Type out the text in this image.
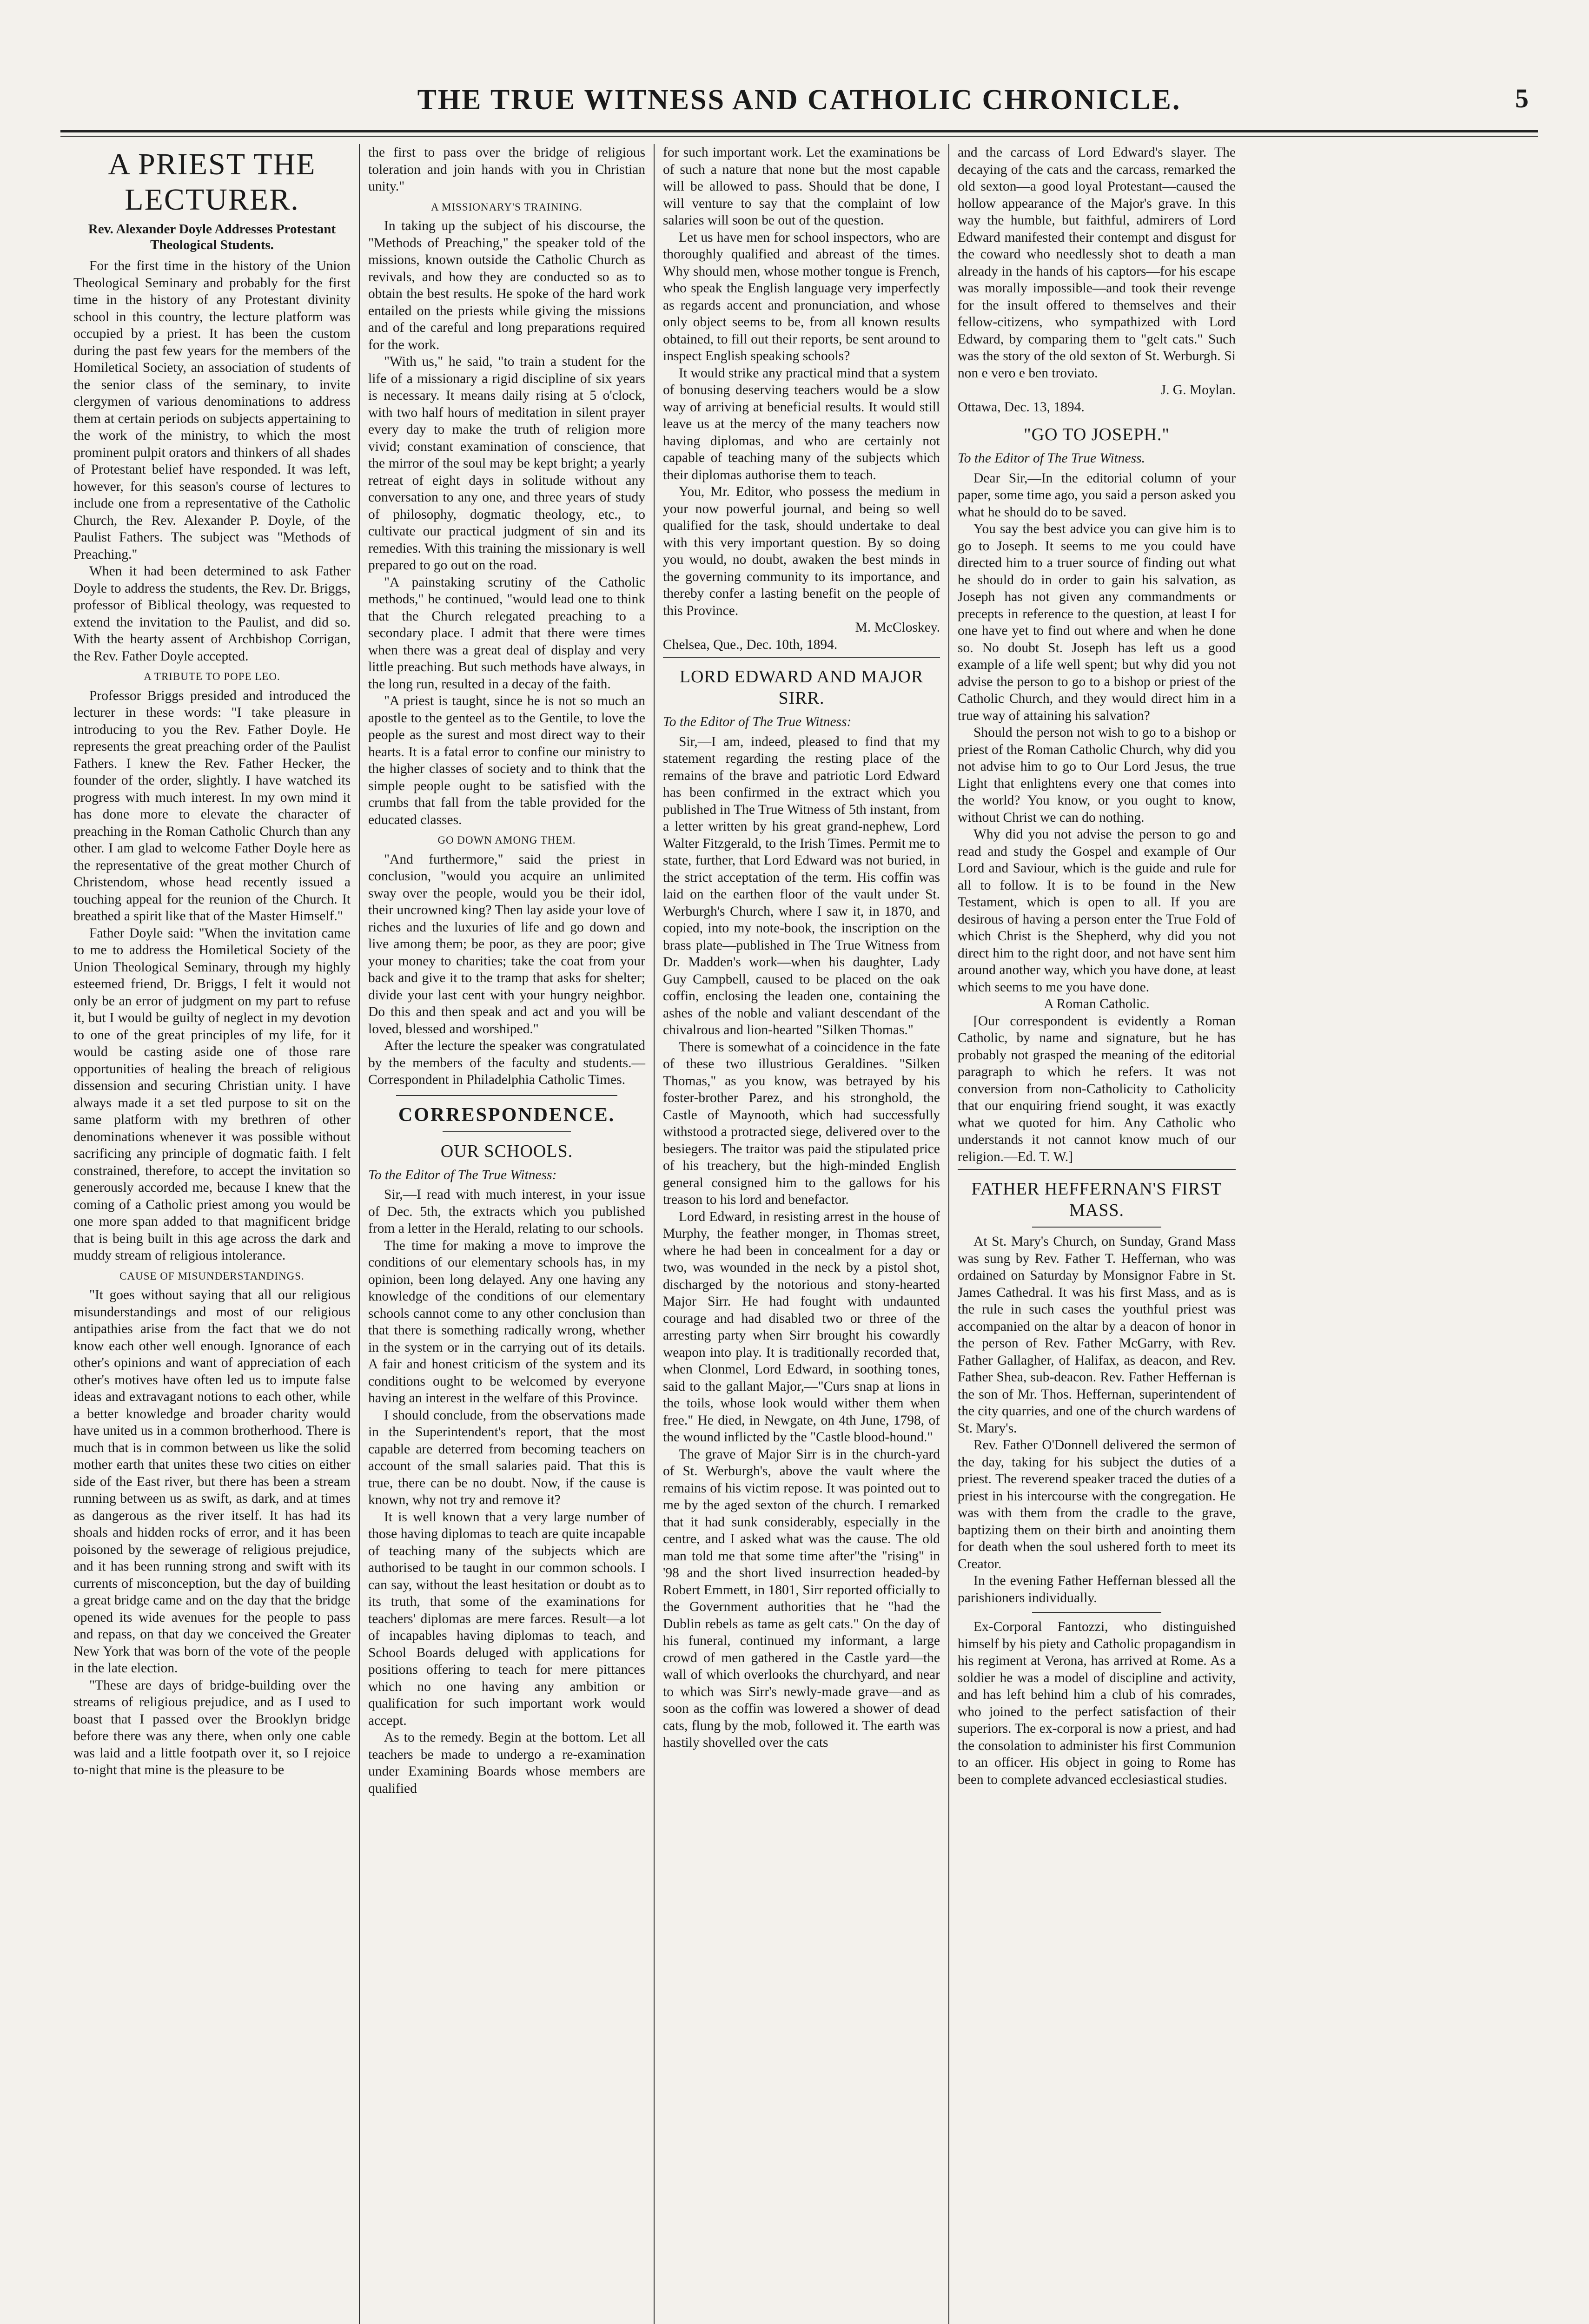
THE TRUE WITNESS AND CATHOLIC CHRONICLE.	5
A PRIEST THE LECTURER.
Rev. Alexander Doyle Addresses Protestant Theological Students.

For the first time in the history of the Union Theological Seminary and probably for the first time in the history of any Protestant divinity school in this country, the lecture platform was occupied by a priest. It has been the custom during the past few years for the members of the Homiletical Society, an association of students of the senior class of the seminary, to invite clergymen of various denominations to address them at certain periods on subjects appertaining to the work of the ministry, to which the most prominent pulpit orators and thinkers of all shades of Protestant belief have responded. It was left, however, for this season's course of lectures to include one from a representative of the Catholic Church, the Rev. Alexander P. Doyle, of the Paulist Fathers. The subject was "Methods of Preaching."

When it had been determined to ask Father Doyle to address the students, the Rev. Dr. Briggs, professor of Biblical theology, was requested to extend the invitation to the Paulist, and did so. With the hearty assent of Archbishop Corrigan, the Rev. Father Doyle accepted.

A TRIBUTE TO POPE LEO.

Professor Briggs presided and introduced the lecturer in these words: "I take pleasure in introducing to you the Rev. Father Doyle. He represents the great preaching order of the Paulist Fathers. I knew the Rev. Father Hecker, the founder of the order, slightly. I have watched its progress with much interest. In my own mind it has done more to elevate the character of preaching in the Roman Catholic Church than any other. I am glad to welcome Father Doyle here as the representative of the great mother Church of Christendom, whose head recently issued a touching appeal for the reunion of the Church. It breathed a spirit like that of the Master Himself."

Father Doyle said: "When the invitation came to me to address the Homiletical Society of the Union Theological Seminary, through my highly esteemed friend, Dr. Briggs, I felt it would not only be an error of judgment on my part to refuse it, but I would be guilty of neglect in my devotion to one of the great principles of my life, for it would be casting aside one of those rare opportunities of healing the breach of religious dissension and securing Christian unity. I have always made it a set tled purpose to sit on the same platform with my brethren of other denominations whenever it was possible without sacrificing any principle of dogmatic faith. I felt constrained, therefore, to accept the invitation so generously accorded me, because I knew that the coming of a Catholic priest among you would be one more span added to that magnificent bridge that is being built in this age across the dark and muddy stream of religious intolerance.

CAUSE OF MISUNDERSTANDINGS.

"It goes without saying that all our religious misunderstandings and most of our religious antipathies arise from the fact that we do not know each other well enough. Ignorance of each other's opinions and want of appreciation of each other's motives have often led us to impute false ideas and extravagant notions to each other, while a better knowledge and broader charity would have united us in a common brotherhood. There is much that is in common between us like the solid mother earth that unites these two cities on either side of the East river, but there has been a stream running between us as swift, as dark, and at times as dangerous as the river itself. It has had its shoals and hidden rocks of error, and it has been poisoned by the sewerage of religious prejudice, and it has been running strong and swift with its currents of misconception, but the day of building a great bridge came and on the day that the bridge opened its wide avenues for the people to pass and repass, on that day we conceived the Greater New York that was born of the vote of the people in the late election.

"These are days of bridge-building over the streams of religious prejudice, and as I used to boast that I passed over the Brooklyn bridge before there was any there, when only one cable was laid and a little footpath over it, so I rejoice to-night that mine is the pleasure to be

the first to pass over the bridge of religious toleration and join hands with you in Christian unity."

A MISSIONARY'S TRAINING.

In taking up the subject of his discourse, the "Methods of Preaching," the speaker told of the missions, known outside the Catholic Church as revivals, and how they are conducted so as to obtain the best results. He spoke of the hard work entailed on the priests while giving the missions and of the careful and long preparations required for the work.

"With us," he said, "to train a student for the life of a missionary a rigid discipline of six years is necessary. It means daily rising at 5 o'clock, with two half hours of meditation in silent prayer every day to make the truth of religion more vivid; constant examination of conscience, that the mirror of the soul may be kept bright; a yearly retreat of eight days in solitude without any conversation to any one, and three years of study of philosophy, dogmatic theology, etc., to cultivate our practical judgment of sin and its remedies. With this training the missionary is well prepared to go out on the road.

"A painstaking scrutiny of the Catholic methods," he continued, "would lead one to think that the Church relegated preaching to a secondary place. I admit that there were times when there was a great deal of display and very little preaching. But such methods have always, in the long run, resulted in a decay of the faith.

"A priest is taught, since he is not so much an apostle to the genteel as to the Gentile, to love the people as the surest and most direct way to their hearts. It is a fatal error to confine our ministry to the higher classes of society and to think that the simple people ought to be satisfied with the crumbs that fall from the table provided for the educated classes.

GO DOWN AMONG THEM.

"And furthermore," said the priest in conclusion, "would you acquire an unlimited sway over the people, would you be their idol, their uncrowned king? Then lay aside your love of riches and the luxuries of life and go down and live among them; be poor, as they are poor; give your money to charities; take the coat from your back and give it to the tramp that asks for shelter; divide your last cent with your hungry neighbor. Do this and then speak and act and you will be loved, blessed and worshiped."

After the lecture the speaker was congratulated by the members of the faculty and students.—Correspondent in Philadelphia Catholic Times.

CORRESPONDENCE.
OUR SCHOOLS.

To the Editor of The True Witness:

Sir,—I read with much interest, in your issue of Dec. 5th, the extracts which you published from a letter in the Herald, relating to our schools.

The time for making a move to improve the conditions of our elementary schools has, in my opinion, been long delayed. Any one having any knowledge of the conditions of our elementary schools cannot come to any other conclusion than that there is something radically wrong, whether in the system or in the carrying out of its details. A fair and honest criticism of the system and its conditions ought to be welcomed by everyone having an interest in the welfare of this Province.

I should conclude, from the observations made in the Superintendent's report, that the most capable are deterred from becoming teachers on account of the small salaries paid. That this is true, there can be no doubt. Now, if the cause is known, why not try and remove it?

It is well known that a very large number of those having diplomas to teach are quite incapable of teaching many of the subjects which are authorised to be taught in our common schools. I can say, without the least hesitation or doubt as to its truth, that some of the examinations for teachers' diplomas are mere farces. Result—a lot of incapables having diplomas to teach, and School Boards deluged with applications for positions offering to teach for mere pittances which no one having any ambition or qualification for such important work would accept.

As to the remedy. Begin at the bottom. Let all teachers be made to undergo a re-examination under Examining Boards whose members are qualified

for such important work. Let the examinations be of such a nature that none but the most capable will be allowed to pass. Should that be done, I will venture to say that the complaint of low salaries will soon be out of the question.

Let us have men for school inspectors, who are thoroughly qualified and abreast of the times. Why should men, whose mother tongue is French, who speak the English language very imperfectly as regards accent and pronunciation, and whose only object seems to be, from all known results obtained, to fill out their reports, be sent around to inspect English speaking schools?

It would strike any practical mind that a system of bonusing deserving teachers would be a slow way of arriving at beneficial results. It would still leave us at the mercy of the many teachers now having diplomas, and who are certainly not capable of teaching many of the subjects which their diplomas authorise them to teach.

You, Mr. Editor, who possess the medium in your now powerful journal, and being so well qualified for the task, should undertake to deal with this very important question. By so doing you would, no doubt, awaken the best minds in the governing community to its importance, and thereby confer a lasting benefit on the people of this Province.

M. McCloskey.

Chelsea, Que., Dec. 10th, 1894.

LORD EDWARD AND MAJOR SIRR.

To the Editor of The True Witness:

Sir,—I am, indeed, pleased to find that my statement regarding the resting place of the remains of the brave and patriotic Lord Edward has been confirmed in the extract which you published in The True Witness of 5th instant, from a letter written by his great grand-nephew, Lord Walter Fitzgerald, to the Irish Times. Permit me to state, further, that Lord Edward was not buried, in the strict acceptation of the term. His coffin was laid on the earthen floor of the vault under St. Werburgh's Church, where I saw it, in 1870, and copied, into my note-book, the inscription on the brass plate—published in The True Witness from Dr. Madden's work—when his daughter, Lady Guy Campbell, caused to be placed on the oak coffin, enclosing the leaden one, containing the ashes of the noble and valiant descendant of the chivalrous and lion-hearted "Silken Thomas."

There is somewhat of a coincidence in the fate of these two illustrious Geraldines. "Silken Thomas," as you know, was betrayed by his foster-brother Parez, and his stronghold, the Castle of Maynooth, which had successfully withstood a protracted siege, delivered over to the besiegers. The traitor was paid the stipulated price of his treachery, but the high-minded English general consigned him to the gallows for his treason to his lord and benefactor.

Lord Edward, in resisting arrest in the house of Murphy, the feather monger, in Thomas street, where he had been in concealment for a day or two, was wounded in the neck by a pistol shot, discharged by the notorious and stony-hearted Major Sirr. He had fought with undaunted courage and had disabled two or three of the arresting party when Sirr brought his cowardly weapon into play. It is traditionally recorded that, when Clonmel, Lord Edward, in soothing tones, said to the gallant Major,—"Curs snap at lions in the toils, whose look would wither them when free." He died, in Newgate, on 4th June, 1798, of the wound inflicted by the "Castle blood-hound."

The grave of Major Sirr is in the church-yard of St. Werburgh's, above the vault where the remains of his victim repose. It was pointed out to me by the aged sexton of the church. I remarked that it had sunk considerably, especially in the centre, and I asked what was the cause. The old man told me that some time after"the "rising" in '98 and the short lived insurrection headed-by Robert Emmett, in 1801, Sirr reported officially to the Government authorities that he "had the Dublin rebels as tame as gelt cats." On the day of his funeral, continued my informant, a large crowd of men gathered in the Castle yard—the wall of which overlooks the churchyard, and near to which was Sirr's newly-made grave—and as soon as the coffin was lowered a shower of dead cats, flung by the mob, followed it. The earth was hastily shovelled over the cats

and the carcass of Lord Edward's slayer. The decaying of the cats and the carcass, remarked the old sexton—a good loyal Protestant—caused the hollow appearance of the Major's grave. In this way the humble, but faithful, admirers of Lord Edward manifested their contempt and disgust for the coward who needlessly shot to death a man already in the hands of his captors—for his escape was morally impossible—and took their revenge for the insult offered to themselves and their fellow-citizens, who sympathized with Lord Edward, by comparing them to "gelt cats." Such was the story of the old sexton of St. Werburgh. Si non e vero e ben troviato.

J. G. Moylan.

Ottawa, Dec. 13, 1894.

"GO TO JOSEPH."

To the Editor of The True Witness.

Dear Sir,—In the editorial column of your paper, some time ago, you said a person asked you what he should do to be saved.

You say the best advice you can give him is to go to Joseph. It seems to me you could have directed him to a truer source of finding out what he should do in order to gain his salvation, as Joseph has not given any commandments or precepts in reference to the question, at least I for one have yet to find out where and when he done so. No doubt St. Joseph has left us a good example of a life well spent; but why did you not advise the person to go to a bishop or priest of the Catholic Church, and they would direct him in a true way of attaining his salvation?

Should the person not wish to go to a bishop or priest of the Roman Catholic Church, why did you not advise him to go to Our Lord Jesus, the true Light that enlightens every one that comes into the world? You know, or you ought to know, without Christ we can do nothing.

Why did you not advise the person to go and read and study the Gospel and example of Our Lord and Saviour, which is the guide and rule for all to follow. It is to be found in the New Testament, which is open to all. If you are desirous of having a person enter the True Fold of which Christ is the Shepherd, why did you not direct him to the right door, and not have sent him around another way, which you have done, at least which seems to me you have done.

A Roman Catholic.

[Our correspondent is evidently a Roman Catholic, by name and signature, but he has probably not grasped the meaning of the editorial paragraph to which he refers. It was not conversion from non-Catholicity to Catholicity that our enquiring friend sought, it was exactly what we quoted for him. Any Catholic who understands it not cannot know much of our religion.—Ed. T. W.]

FATHER HEFFERNAN'S FIRST MASS.

At St. Mary's Church, on Sunday, Grand Mass was sung by Rev. Father T. Heffernan, who was ordained on Saturday by Monsignor Fabre in St. James Cathedral. It was his first Mass, and as is the rule in such cases the youthful priest was accompanied on the altar by a deacon of honor in the person of Rev. Father McGarry, with Rev. Father Gallagher, of Halifax, as deacon, and Rev. Father Shea, sub-deacon. Rev. Father Heffernan is the son of Mr. Thos. Heffernan, superintendent of the city quarries, and one of the church wardens of St. Mary's.

Rev. Father O'Donnell delivered the sermon of the day, taking for his subject the duties of a priest. The reverend speaker traced the duties of a priest in his intercourse with the congregation. He was with them from the cradle to the grave, baptizing them on their birth and anointing them for death when the soul ushered forth to meet its Creator.

In the evening Father Heffernan blessed all the parishioners individually.

Ex-Corporal Fantozzi, who distinguished himself by his piety and Catholic propagandism in his regiment at Verona, has arrived at Rome. As a soldier he was a model of discipline and activity, and has left behind him a club of his comrades, who joined to the perfect satisfaction of their superiors. The ex-corporal is now a priest, and had the consolation to administer his first Communion to an officer. His object in going to Rome has been to complete advanced ecclesiastical studies.
